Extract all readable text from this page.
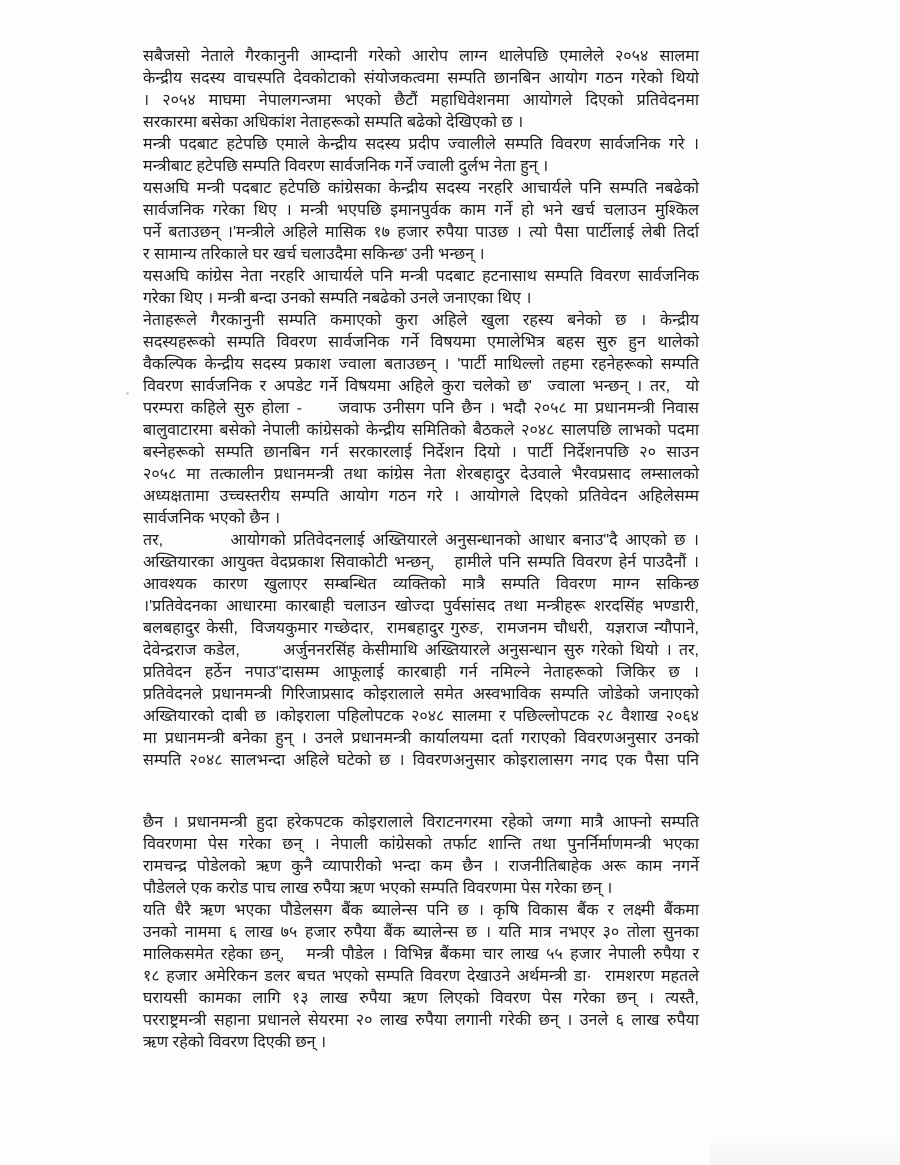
सबैजसो नेताले गैरकानुनी आम्दानी गरेको आरोप लाग्न थालेपछि एमालेले २०५४ सालमा
केन्द्रीय सदस्य वाचस्पति देवकोटाको संयोजकत्वमा सम्पति छानबिन आयोग गठन गरेको थियो
। २०५४ माघमा नेपालगन्जमा भएको छैटौं महाधिवेशनमा आयोगले दिएको प्रतिवेदनमा
सरकारमा बसेका अधिकांश नेताहरूको सम्पति बढेको देखिएको छ ।
मन्त्री पदबाट हटेपछि एमाले केन्द्रीय सदस्य प्रदीप ज्वालीले सम्पति विवरण सार्वजनिक गरे ।
मन्त्रीबाट हटेपछि सम्पति विवरण सार्वजनिक गर्ने ज्वाली दुर्लभ नेता हुन् ।
यसअघि मन्त्री पदबाट हटेपछि कांग्रेसका केन्द्रीय सदस्य नरहरि आचार्यले पनि सम्पति नबढेको
सार्वजनिक गरेका थिए । मन्त्री भएपछि इमानपुर्वक काम गर्ने हो भने खर्च चलाउन मुश्किल
पर्ने बताउछन् ।'मन्त्रीले अहिले मासिक १७ हजार रुपैया पाउछ । त्यो पैसा पार्टीलाई लेबी तिर्दा
र सामान्य तरिकाले घर खर्च चलाउदैमा सकिन्छ' उनी भन्छन् ।
यसअघि कांग्रेस नेता नरहरि आचार्यले पनि मन्त्री पदबाट हटनासाथ सम्पति विवरण सार्वजनिक
गरेका थिए । मन्त्री बन्दा उनको सम्पति नबढेको उनले जनाएका थिए ।
नेताहरूले गैरकानुनी सम्पति कमाएको कुरा अहिले खुला रहस्य बनेको छ । केन्द्रीय
सदस्यहरूको सम्पति विवरण सार्वजनिक गर्ने विषयमा एमालेभित्र बहस सुरु हुन थालेको
वैकल्पिक केन्द्रीय सदस्य प्रकाश ज्वाला बताउछन् । 'पार्टी माथिल्लो तहमा रहनेहरूको सम्पति
विवरण सार्वजनिक र अपडेट गर्ने विषयमा अहिले कुरा चलेको छ'  ज्वाला भन्छन् । तर,  यो
परम्परा कहिले सुरु होला -     जवाफ उनीसग पनि छैन । भदौ २०५८ मा प्रधानमन्त्री निवास
बालुवाटारमा बसेको नेपाली कांग्रेसको केन्द्रीय समितिको बैठकले २०४८ सालपछि लाभको पदमा
बस्नेहरूको सम्पति छानबिन गर्न सरकारलाई निर्देशन दियो । पार्टी निर्देशनपछि २० साउन
२०५८ मा तत्कालीन प्रधानमन्त्री तथा कांग्रेस नेता शेरबहादुर देउवाले भैरवप्रसाद लम्सालको
अध्यक्षतामा उच्चस्तरीय सम्पति आयोग गठन गरे । आयोगले दिएको प्रतिवेदन अहिलेसम्म
सार्वजनिक भएको छैन ।
तर,         आयोगको प्रतिवेदनलाई अख्तियारले अनुसन्धानको आधार बनाउ"दै आएको छ ।
अख्तियारका आयुक्त वेदप्रकाश सिवाकोटी भन्छन्,   हामीले पनि सम्पति विवरण हेर्न पाउदैनौं ।
आवश्यक कारण खुलाएर सम्बन्धित व्यक्तिको मात्रै सम्पति विवरण माग्न सकिन्छ
।'प्रतिवेदनका आधारमा कारबाही चलाउन खोज्दा पुर्वसांसद तथा मन्त्रीहरू शरदसिंह भण्डारी,
बलबहादुर केसी,  विजयकुमार गच्छेदार,  रामबहादुर गुरुङ,  रामजनम चौधरी,  यज्ञराज न्यौपाने,
देवेन्द्रराज कडेल,      अर्जुननरसिंह केसीमाथि अख्तियारले अनुसन्धान सुरु गरेको थियो । तर,
प्रतिवेदन हर्ठेन नपाउ"दासम्म आफूलाई कारबाही गर्न नमिल्ने नेताहरूको जिकिर छ ।
प्रतिवेदनले प्रधानमन्त्री गिरिजाप्रसाद कोइरालाले समेत अस्वभाविक सम्पति जोडेको जनाएको
अख्तियारको दाबी छ ।कोइराला पहिलोपटक २०४८ सालमा र पछिल्लोपटक २८ वैशाख २०६४
मा प्रधानमन्त्री बनेका हुन् । उनले प्रधानमन्त्री कार्यालयमा दर्ता गराएको विवरणअनुसार उनको
सम्पति २०४८ सालभन्दा अहिले घटेको छ । विवरणअनुसार कोइरालासग नगद एक पैसा पनि
छैन । प्रधानमन्त्री हुदा हरेकपटक कोइरालाले विराटनगरमा रहेको जग्गा मात्रै आफ्नो सम्पति
विवरणमा पेस गरेका छन् । नेपाली कांग्रेसको तर्फाट शान्ति तथा पुनर्निर्माणमन्त्री भएका
रामचन्द्र पोडेलको ऋण कुनै व्यापारीको भन्दा कम छैन । राजनीतिबाहेक अरू काम नगर्ने
पौडेलले एक करोड पाच लाख रुपैया ऋण भएको सम्पति विवरणमा पेस गरेका छन् ।
यति धैरै ऋण भएका पौडेलसग बैंक ब्यालेन्स पनि छ । कृषि विकास बैंक र लक्ष्मी बैंकमा
उनको नाममा ६ लाख ७५ हजार रुपैया बैंक ब्यालेन्स छ । यति मात्र नभएर ३० तोला सुनका
मालिकसमेत रहेका छन्,   मन्त्री पौडेल । विभिन्न बैंकमा चार लाख ५५ हजार नेपाली रुपैया र
१८ हजार अमेरिकन डलर बचत भएको सम्पति विवरण देखाउने अर्थमन्त्री डा·  रामशरण महतले
घरायसी कामका लागि १३ लाख रुपैया ऋण लिएको विवरण पेस गरेका छन् । त्यस्तै,
परराष्ट्रमन्त्री सहाना प्रधानले सेयरमा २० लाख रुपैया लगानी गरेकी छन् । उनले ६ लाख रुपैया
ऋण रहेको विवरण दिएकी छन् ।
